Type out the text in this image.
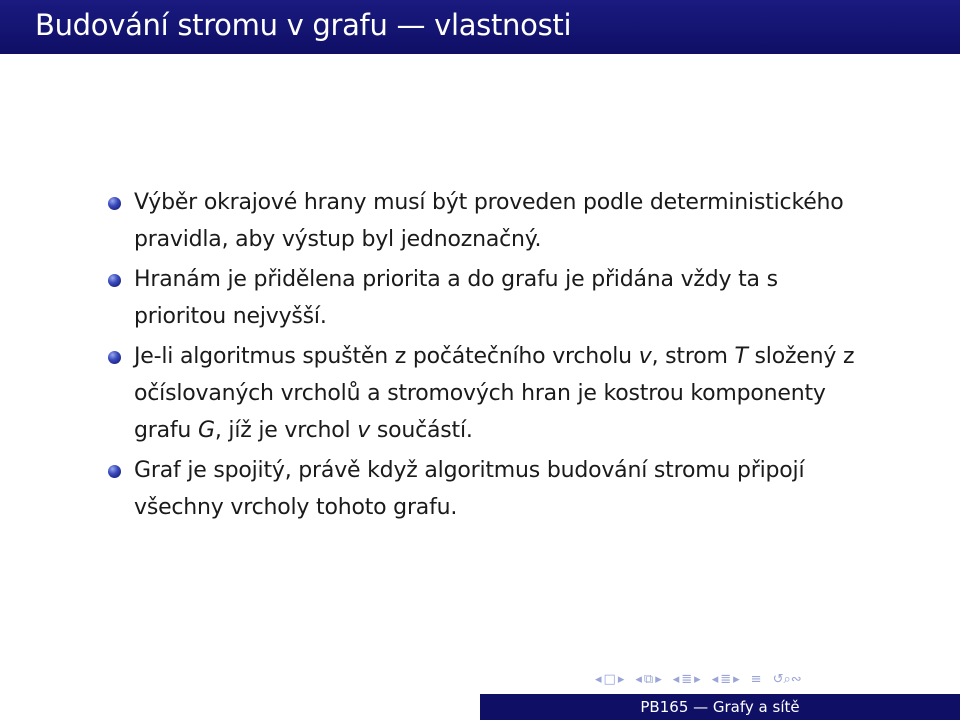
Budování stromu v grafu — vlastnosti
Výběr okrajové hrany musí být proveden podle deterministického pravidla, aby výstup byl jednoznačný.
Hranám je přidělena priorita a do grafu je přidána vždy ta s prioritou nejvyšší.
Je-li algoritmus spuštěn z počátečního vrcholu v, strom T složený z očíslovaných vrcholů a stromových hran je kostrou komponenty grafu G, jíž je vrchol v součástí.
Graf je spojitý, právě když algoritmus budování stromu připojí všechny vrcholy tohoto grafu.
◂ □ ▸ ◂ ⧉ ▸ ◂ ≣ ▸ ◂ ≣ ▸ ≡ ↺⌕∾
PB165 — Grafy a sítě
